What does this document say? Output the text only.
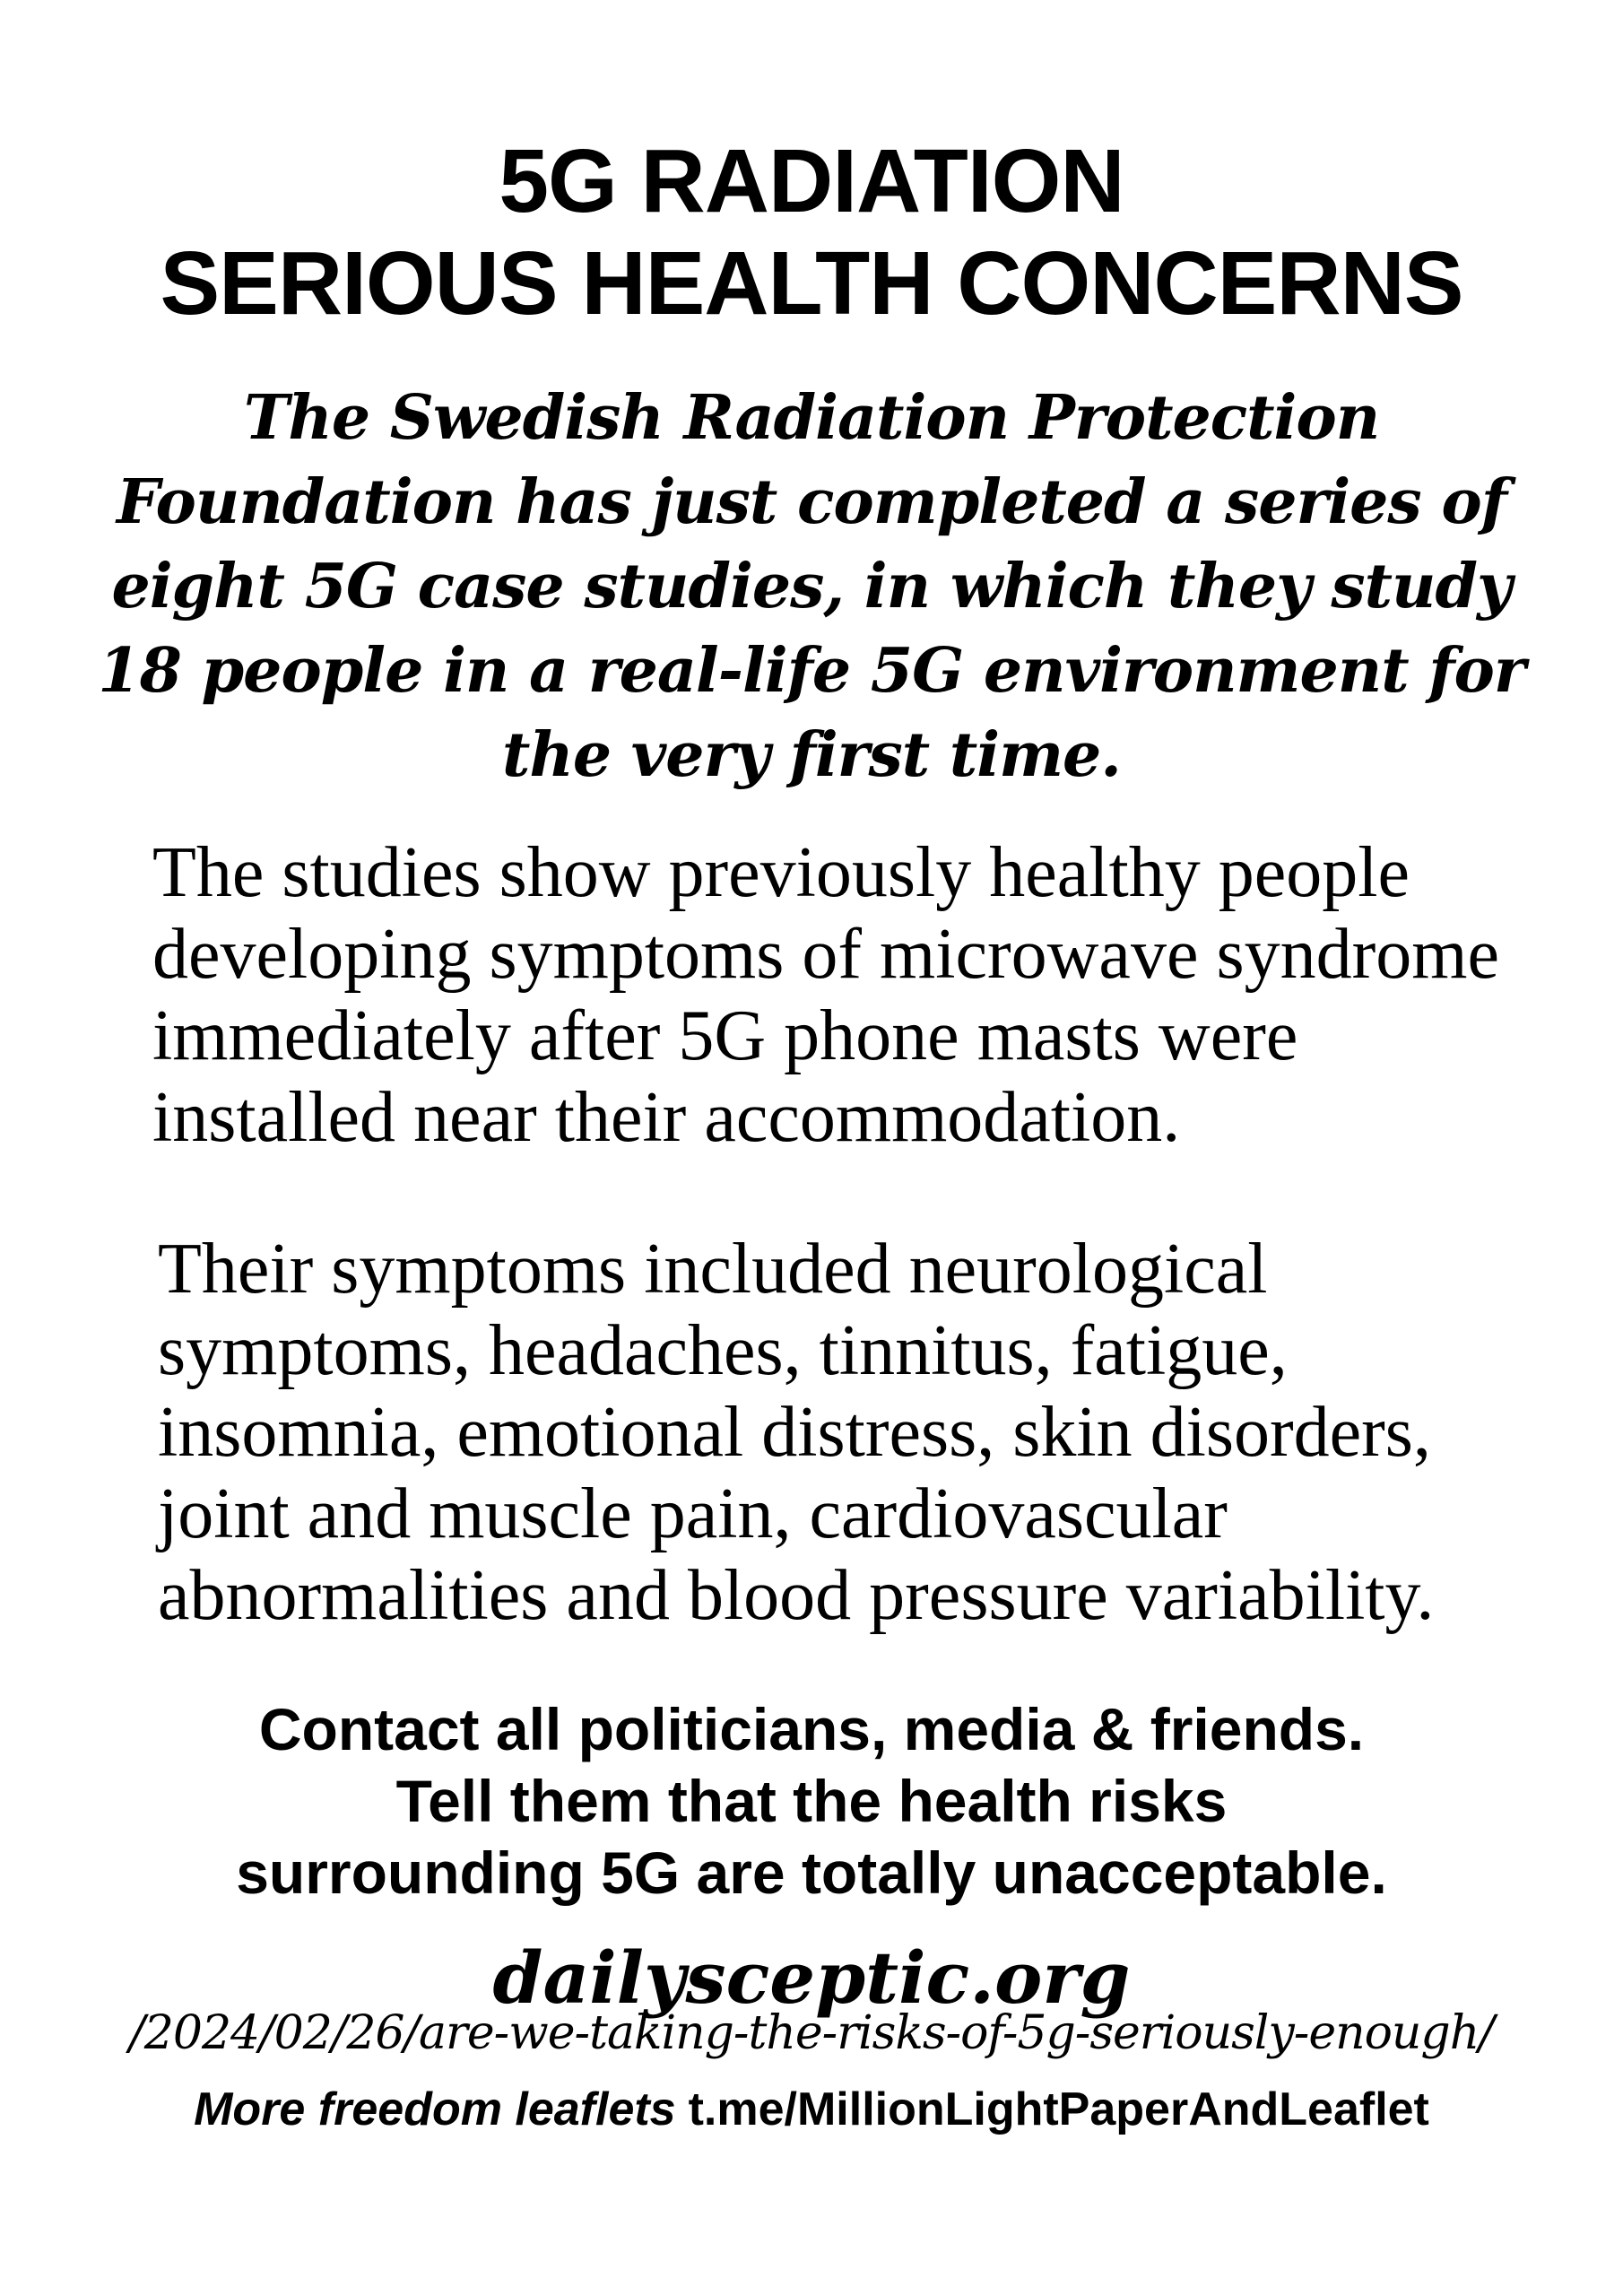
5G RADIATION
SERIOUS HEALTH CONCERNS
The Swedish Radiation Protection
Foundation has just completed a series of
eight 5G case studies, in which they study
18 people in a real-life 5G environment for
the very first time.
The studies show previously healthy people
developing symptoms of microwave syndrome
immediately after 5G phone masts were
installed near their accommodation.
Their symptoms included neurological
symptoms, headaches, tinnitus, fatigue,
insomnia, emotional distress, skin disorders,
joint and muscle pain, cardiovascular
abnormalities and blood pressure variability.
Contact all politicians, media & friends.
Tell them that the health risks
surrounding 5G are totally unacceptable.
dailysceptic.org
/2024/02/26/are-we-taking-the-risks-of-5g-seriously-enough/
More freedom leaflets t.me/MillionLightPaperAndLeaflet
